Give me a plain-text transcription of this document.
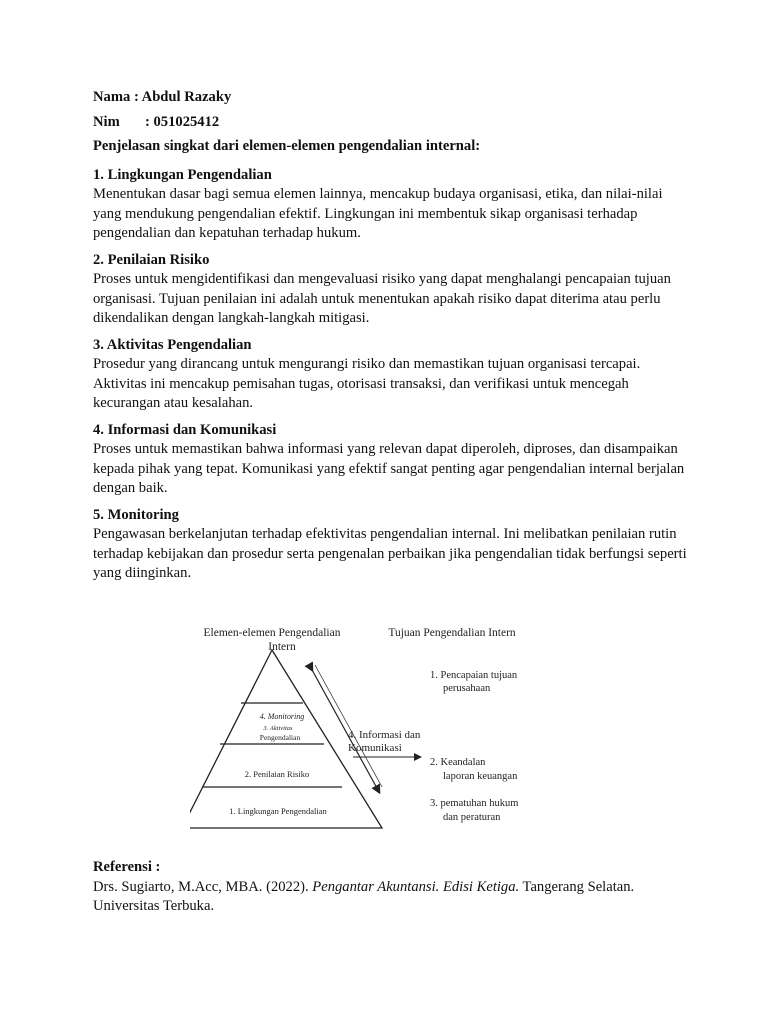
Nama : Abdul Razaky
Nim : 051025412
Penjelasan singkat dari elemen-elemen pengendalian internal:
1. Lingkungan Pengendalian

Menentukan dasar bagi semua elemen lainnya, mencakup budaya organisasi, etika, dan nilai-nilai yang mendukung pengendalian efektif. Lingkungan ini membentuk sikap organisasi terhadap pengendalian dan kepatuhan terhadap hukum.

2. Penilaian Risiko

Proses untuk mengidentifikasi dan mengevaluasi risiko yang dapat menghalangi pencapaian tujuan organisasi. Tujuan penilaian ini adalah untuk menentukan apakah risiko dapat diterima atau perlu dikendalikan dengan langkah-langkah mitigasi.

3. Aktivitas Pengendalian

Prosedur yang dirancang untuk mengurangi risiko dan memastikan tujuan organisasi tercapai. Aktivitas ini mencakup pemisahan tugas, otorisasi transaksi, dan verifikasi untuk mencegah kecurangan atau kesalahan.

4. Informasi dan Komunikasi

Proses untuk memastikan bahwa informasi yang relevan dapat diperoleh, diproses, dan disampaikan kepada pihak yang tepat. Komunikasi yang efektif sangat penting agar pengendalian internal berjalan dengan baik.

5. Monitoring

Pengawasan berkelanjutan terhadap efektivitas pengendalian internal. Ini melibatkan penilaian rutin terhadap kebijakan dan prosedur serta pengenalan perbaikan jika pengendalian tidak berfungsi seperti yang diinginkan.

Elemen-elemen Pengendalian
Intern
Tujuan Pengendalian Intern
4. Monitoring
3. Aktivitas
Pengendalian
2. Penilaian Risiko
1. Lingkungan Pengendalian
4. Informasi dan
Komunikasi
1. Pencapaian tujuan
perusahaan
2. Keandalan
laporan keuangan
3. pematuhan hukum
dan peraturan
Referensi :

Drs. Sugiarto, M.Acc, MBA. (2022). Pengantar Akuntansi. Edisi Ketiga. Tangerang Selatan. Universitas Terbuka.
